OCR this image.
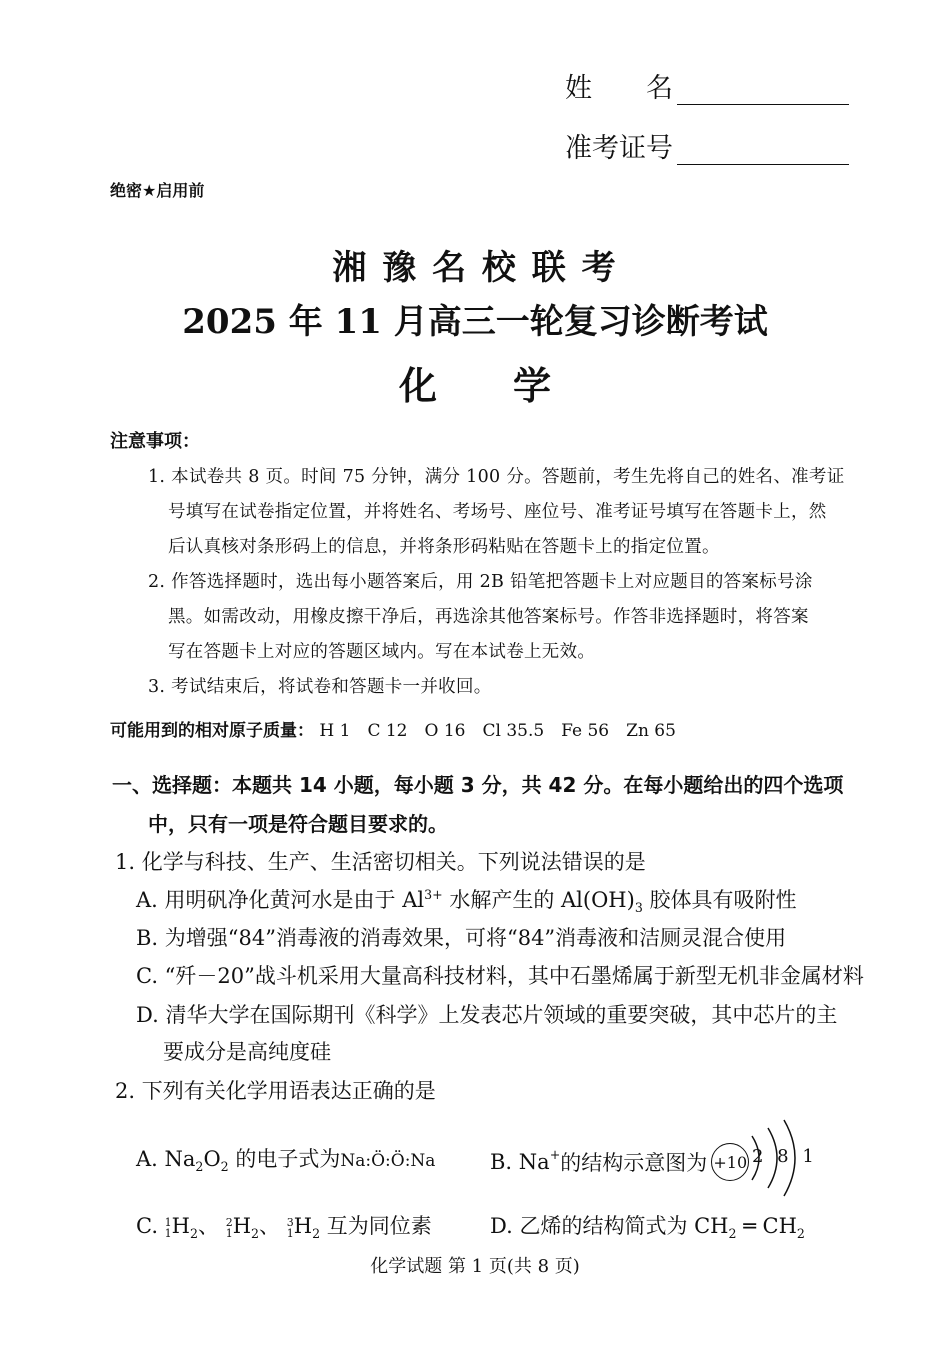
姓　　名
准考证号
绝密★启用前
湘 豫 名 校 联 考
2025 年 11 月高三一轮复习诊断考试
化　　学
注意事项：
1. 本试卷共 8 页。时间 75 分钟，满分 100 分。答题前，考生先将自己的姓名、准考证
号填写在试卷指定位置，并将姓名、考场号、座位号、准考证号填写在答题卡上，然
后认真核对条形码上的信息，并将条形码粘贴在答题卡上的指定位置。
2. 作答选择题时，选出每小题答案后，用 2B 铅笔把答题卡上对应题目的答案标号涂
黑。如需改动，用橡皮擦干净后，再选涂其他答案标号。作答非选择题时，将答案
写在答题卡上对应的答题区域内。写在本试卷上无效。
3. 考试结束后，将试卷和答题卡一并收回。
可能用到的相对原子质量： H 1　C 12　O 16　Cl 35.5　Fe 56　Zn 65
一、选择题：本题共 14 小题，每小题 3 分，共 42 分。在每小题给出的四个选项
中，只有一项是符合题目要求的。
1. 化学与科技、生产、生活密切相关。下列说法错误的是
A. 用明矾净化黄河水是由于 $Al^{3+}$ 水解产生的 $Al(OH)_3$ 胶体具有吸附性
B. 为增强“84”消毒液的消毒效果，可将“84”消毒液和洁厕灵混合使用
C. “歼－20”战斗机采用大量高科技材料，其中石墨烯属于新型无机非金属材料
D. 清华大学在国际期刊《科学》上发表芯片领域的重要突破，其中芯片的主
要成分是高纯度硅
2. 下列有关化学用语表达正确的是
A. $Na_2O_2$ 的电子式为Na:Ö:Ö:Na	B. Na+ 的结构示意图为 +10 2 8 1
C. 1
1 $H_2$、 2
1 $H_2$、 3
1 $H_2$ 互为同位素	D. 乙烯的结构简式为 $CH_2$ ═ $CH_2$
化学试题 第 1 页(共 8 页)
